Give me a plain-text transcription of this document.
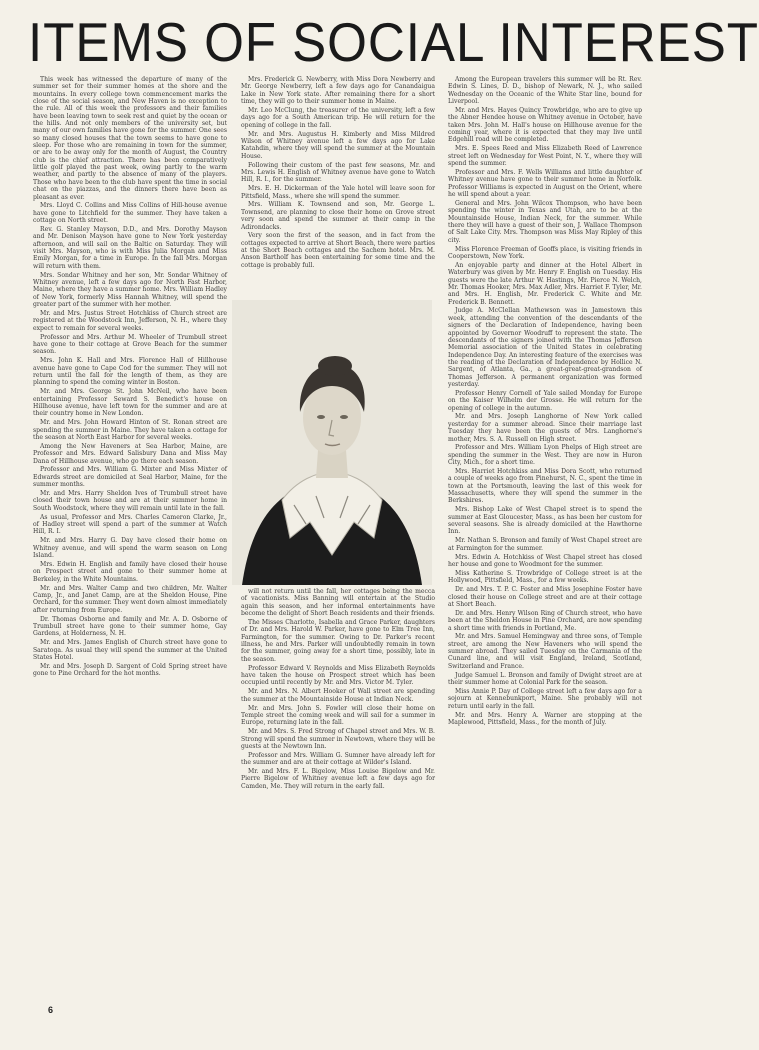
ITEMS OF SOCIAL INTEREST

This week has witnessed the departure of many of the summer set for their summer homes at the shore and the mountains. In every college town commencement marks the close of the social season, and New Haven is no exception to the rule. All of this week the professors and their families have been leaving town to seek rest and quiet by the ocean or the hills. And not only members of the university set, but many of our own families have gone for the summer. One sees so many closed houses that the town seems to have gone to sleep. For those who are remaining in town for the summer, or are to be away only for the month of August, the Country club is the chief attraction. There has been comparatively little golf played the past week, owing partly to the warm weather, and partly to the absence of many of the players. Those who have been to the club have spent the time in social chat on the piazzas, and the dinners there have been as pleasant as ever.

Mrs. Lloyd C. Collins and Miss Collins of Hill-house avenue have gone to Litchfield for the summer. They have taken a cottage on North street.

Rev. G. Stanley Mayson, D.D., and Mrs. Dorothy Mayson and Mr. Denison Mayson have gone to New York yesterday afternoon, and will sail on the Baltic on Saturday. They will visit Mrs. Mayson, who is with Miss Julia Morgan and Miss Emily Morgan, for a time in Europe. In the fall Mrs. Morgan will return with them.

Mrs. Sondar Whitney and her son, Mr. Sondar Whitney of Whitney avenue, left a few days ago for North Fast Harbor, Maine, where they have a summer home. Mrs. William Hadley of New York, formerly Miss Hannah Whitney, will spend the greater part of the summer with her mother.

Mr. and Mrs. Justus Street Hotchkiss of Church street are registered at the Woodstock Inn, Jefferson, N. H., where they expect to remain for several weeks.

Professor and Mrs. Arthur M. Wheeler of Trumbull street have gone to their cottage at Grove Beach for the summer season.

Mrs. John K. Hall and Mrs. Florence Hall of Hillhouse avenue have gone to Cape Cod for the summer. They will not return until the fall for the length of them, as they are planning to spend the coming winter in Boston.

Mr. and Mrs. George St. John McNeil, who have been entertaining Professor Seward S. Benedict's house on Hillhouse avenue, have left town for the summer and are at their country home in New London.

Mr. and Mrs. John Howard Hinton of St. Ronan street are spending the summer in Maine. They have taken a cottage for the season at North East Harbor for several weeks.

Among the New Haveners at Sea Harbor, Maine, are Professor and Mrs. Edward Salisbury Dana and Miss May Dana of Hillhouse avenue, who go there each season.

Professor and Mrs. William G. Mixter and Miss Mixter of Edwards street are domiciled at Seal Harbor, Maine, for the summer months.

Mr. and Mrs. Harry Sheldon Ives of Trumbull street have closed their town house and are at their summer home in South Woodstock, where they will remain until late in the fall.

As usual, Professor and Mrs. Charles Cameron Clarke, Jr., of Hadley street will spend a part of the summer at Watch Hill, R. I.

Mr. and Mrs. Harry G. Day have closed their home on Whitney avenue, and will spend the warm season on Long Island.

Mrs. Edwin H. English and family have closed their house on Prospect street and gone to their summer home at Berkeley, in the White Mountains.

Mr. and Mrs. Walter Camp and two children, Mr. Walter Camp, Jr., and Janet Camp, are at the Sheldon House, Pine Orchard, for the summer. They went down almost immediately after returning from Europe.

Dr. Thomas Osborne and family and Mr. A. D. Osborne of Trumbull street have gone to their summer home, Gay Gardens, at Holderness, N. H.

Mr. and Mrs. James English of Church street have gone to Saratoga. As usual they will spend the summer at the United States Hotel.

Mr. and Mrs. Joseph D. Sargent of Cold Spring street have gone to Pine Orchard for the hot months.

Mrs. Frederick G. Newberry, with Miss Dora Newberry and Mr. George Newberry, left a few days ago for Canandaigua Lake in New York state. After remaining there for a short time, they will go to their summer home in Maine.

Mr. Leo McClung, the treasurer of the university, left a few days ago for a South American trip. He will return for the opening of college in the fall.

Mr. and Mrs. Augustus H. Kimberly and Miss Mildred Wilson of Whitney avenue left a few days ago for Lake Katahdin, where they will spend the summer at the Mountain House.

Following their custom of the past few seasons, Mr. and Mrs. Lewis H. English of Whitney avenue have gone to Watch Hill, R. I., for the summer.

Mrs. E. H. Dickerman of the Yale hotel will leave soon for Pittsfield, Mass., where she will spend the summer.

Mrs. William K. Townsend and son, Mr. George L. Townsend, are planning to close their home on Grove street very soon and spend the summer at their camp in the Adirondacks.

Very soon the first of the season, and in fact from the cottages expected to arrive at Short Beach, there were parties at the Short Beach cottages and the Sachem hotel. Mrs. M. Anson Bartholf has been entertaining for some time and the cottage is probably full.

will not return until the fall, her cottages being the mecca of vacationists. Miss Banning will entertain at the Studio again this season, and her informal entertainments have become the delight of Short Beach residents and their friends.

The Misses Charlotte, Isabella and Grace Parker, daughters of Dr. and Mrs. Harold W. Parker, have gone to Elm Tree Inn, Farmington, for the summer. Owing to Dr. Parker's recent illness, he and Mrs. Parker will undoubtedly remain in town for the summer, going away for a short time, possibly, late in the season.

Professor Edward V. Reynolds and Miss Elizabeth Reynolds have taken the house on Prospect street which has been occupied until recently by Mr. and Mrs. Victor M. Tyler.

Mr. and Mrs. N. Albert Hooker of Wall street are spending the summer at the Mountainside House at Indian Neck.

Mr. and Mrs. John S. Fowler will close their home on Temple street the coming week and will sail for a summer in Europe, returning late in the fall.

Mr. and Mrs. S. Fred Strong of Chapel street and Mrs. W. B. Strong will spend the summer in Newtown, where they will be guests at the Newtown Inn.

Professor and Mrs. William G. Sumner have already left for the summer and are at their cottage at Wilder's Island.

Mr. and Mrs. F. L. Bigelow, Miss Louise Bigelow and Mr. Pierre Bigelow of Whitney avenue left a few days ago for Camden, Me. They will return in the early fall.

Among the European travelers this summer will be Rt. Rev. Edwin S. Lines, D. D., bishop of Newark, N. J., who sailed Wednesday on the Oceanic of the White Star line, bound for Liverpool.

Mr. and Mrs. Hayes Quincy Trowbridge, who are to give up the Abner Hendee house on Whitney avenue in October, have taken Mrs. John M. Hall's house on Hillhouse avenue for the coming year, where it is expected that they may live until Edgehill road will be completed.

Mrs. E. Spees Reed and Miss Elizabeth Reed of Lawrence street left on Wednesday for West Point, N. Y., where they will spend the summer.

Professor and Mrs. F. Wells Williams and little daughter of Whitney avenue have gone to their summer home in Norfolk. Professor Williams is expected in August on the Orient, where he will spend about a year.

General and Mrs. John Wilcox Thompson, who have been spending the winter in Texas and Utah, are to be at the Mountainside House, Indian Neck, for the summer. While there they will have a guest of their son, J. Wallace Thompson of Salt Lake City. Mrs. Thompson was Miss May Ripley of this city.

Miss Florence Freeman of Gooffs place, is visiting friends in Cooperstown, New York.

An enjoyable party and dinner at the Hotel Albert in Waterbury was given by Mr. Henry F. English on Tuesday. His guests were the late Arthur W. Hastings, Mr. Pierce N. Welch, Mr. Thomas Hooker, Mrs. Max Adler, Mrs. Harriet F. Tyler, Mr. and Mrs. H. English, Mr. Frederick C. White and Mr. Frederick B. Bennett.

Judge A. McClellan Mathewson was in Jamestown this week, attending the convention of the descendants of the signers of the Declaration of Independence, having been appointed by Governor Woodruff to represent the state. The descendants of the signers joined with the Thomas Jefferson Memorial association of the United States in celebrating Independence Day. An interesting feature of the exercises was the reading of the Declaration of Independence by Hollice N. Sargent, of Atlanta, Ga., a great-great-great-grandson of Thomas Jefferson. A permanent organization was formed yesterday.

Professor Henry Cornell of Yale sailed Monday for Europe on the Kaiser Wilhelm der Grosse. He will return for the opening of college in the autumn.

Mr. and Mrs. Joseph Langhorne of New York called yesterday for a summer abroad. Since their marriage last Tuesday they have been the guests of Mrs. Langhorne's mother, Mrs. S. A. Russell on High street.

Professor and Mrs. William Lyon Phelps of High street are spending the summer in the West. They are now in Huron City, Mich., for a short time.

Mrs. Harriet Hotchkiss and Miss Dora Scott, who returned a couple of weeks ago from Pinehurst, N. C., spent the time in town at the Portsmouth, leaving the last of this week for Massachusetts, where they will spend the summer in the Berkshires.

Mrs. Bishop Lake of West Chapel street is to spend the summer at East Gloucester, Mass., as has been her custom for several seasons. She is already domiciled at the Hawthorne Inn.

Mr. Nathan S. Bronson and family of West Chapel street are at Farmington for the summer.

Mrs. Edwin A. Hotchkiss of West Chapel street has closed her house and gone to Woodmont for the summer.

Miss Katherine S. Trowbridge of College street is at the Hollywood, Pittsfield, Mass., for a few weeks.

Dr. and Mrs. T. P. C. Foster and Miss Josephine Foster have closed their house on College street and are at their cottage at Short Beach.

Dr. and Mrs. Henry Wilson Ring of Church street, who have been at the Sheldon House in Pine Orchard, are now spending a short time with friends in Portland, Me.

Mr. and Mrs. Samuel Hemingway and three sons, of Temple street, are among the New Haveners who will spend the summer abroad. They sailed Tuesday on the Carmania of the Cunard line, and will visit England, Ireland, Scotland, Switzerland and France.

Judge Samuel L. Bronson and family of Dwight street are at their summer home at Colonial Park for the season.

Miss Annie P. Day of College street left a few days ago for a sojourn at Kennebunkport, Maine. She probably will not return until early in the fall.

Mr. and Mrs. Henry A. Warner are stopping at the Maplewood, Pittsfield, Mass., for the month of July.

6
